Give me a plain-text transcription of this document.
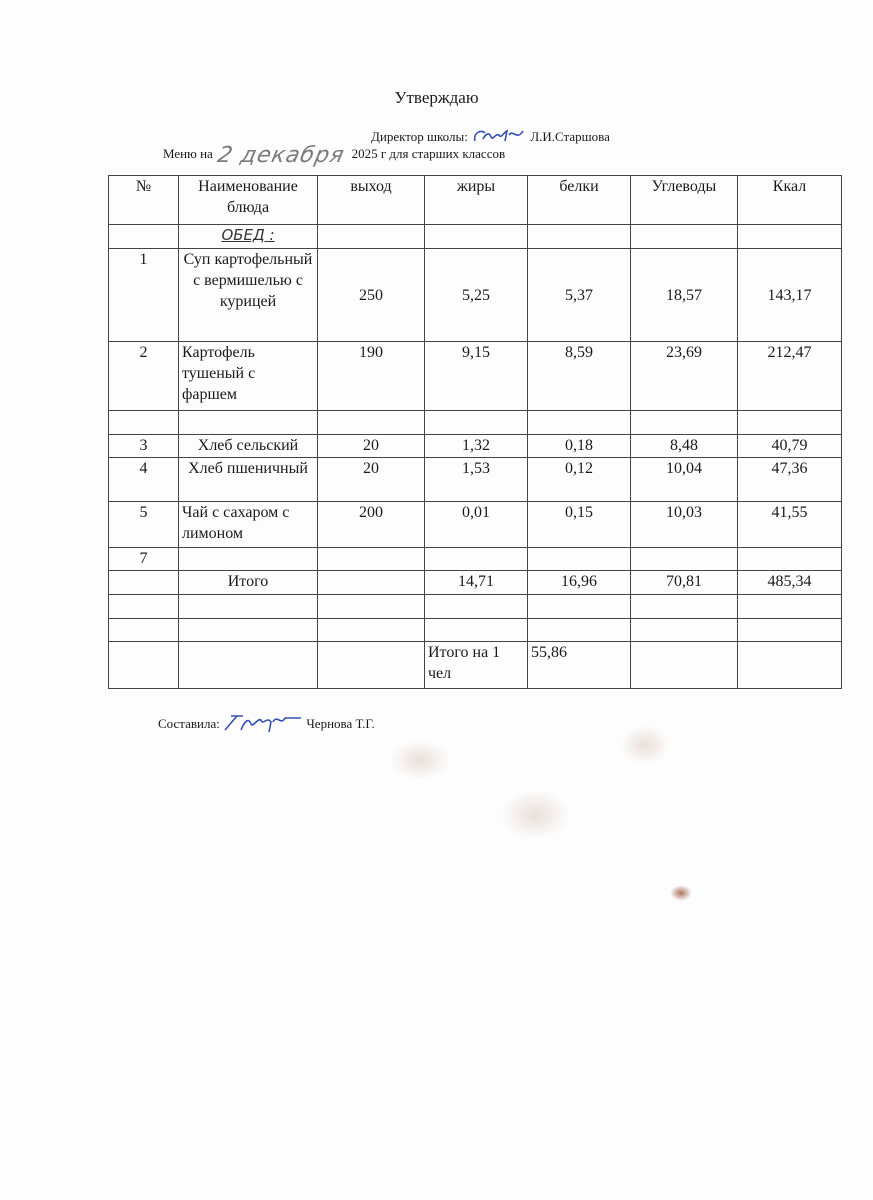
Утверждаю
Директор школы:	Л.И.Старшова
Меню на 2 декабря 2025 г для старших классов
№	Наименование блюда	выход	жиры	белки	Углеводы	Ккал
	ОБЕД :					
1	Суп картофельный с вермишелью с курицей	250	5,25	5,37	18,57	143,17
2	Картофель тушеный с фаршем	190	9,15	8,59	23,69	212,47

3	Хлеб сельский	20	1,32	0,18	8,48	40,79
4	Хлеб пшеничный	20	1,53	0,12	10,04	47,36
5	Чай с сахаром с лимоном	200	0,01	0,15	10,03	41,55
7						
	Итого		14,71	16,96	70,81	485,34

			Итого на 1 чел	55,86		
Составила:	Чернова Т.Г.
